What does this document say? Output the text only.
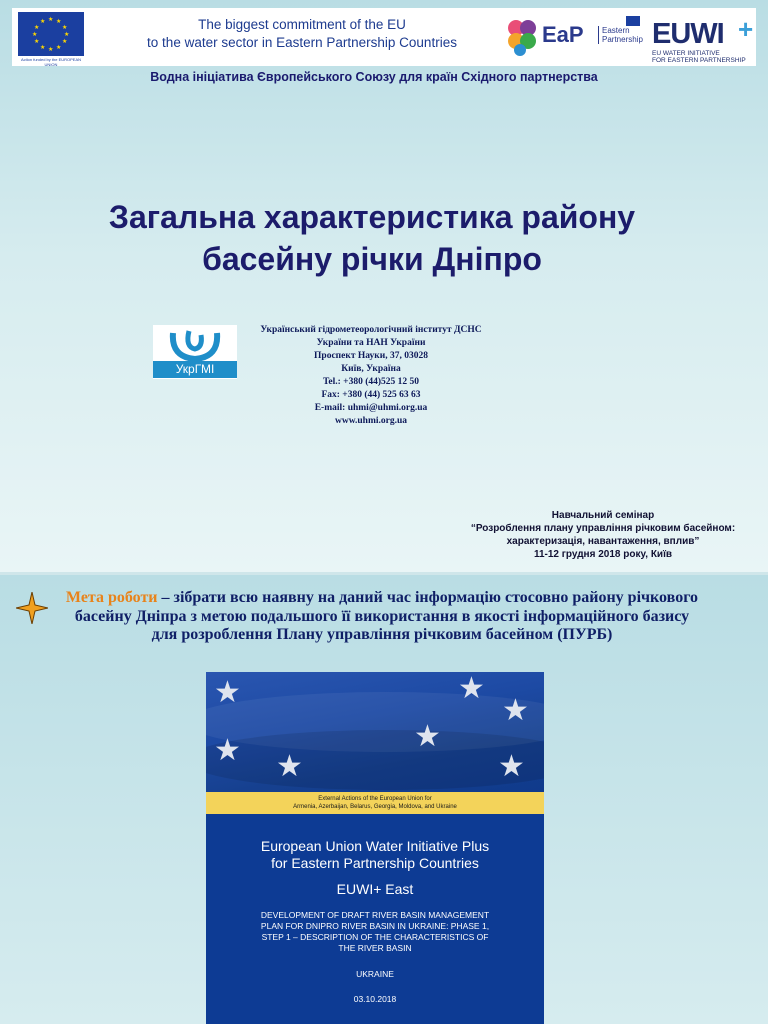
★ ★
★
★
★
★
★
★
★
★
★
★
Action funded by the EUROPEAN UNION
The biggest commitment of the EU
to the water sector in Eastern Partnership Countries	EaP Eastern
Partnership EUWI +
EU WATER INITIATIVE
FOR EASTERN PARTNERSHIP
Водна ініціатива Європейського Союзу для країн Східного партнерства
Загальна характеристика району
басейну річки Дніпро
УкрГМІ
Український гідрометеорологічний інститут ДСНС
України та НАН України
Проспект Науки, 37, 03028
Київ, Україна
Tel.: +380 (44)525 12 50
Fax: +380 (44) 525 63 63
E-mail: uhmi@uhmi.org.ua
www.uhmi.org.ua
Навчальний семінар
“Розроблення плану управління річковим басейном:
характеризація, навантаження, вплив”
11-12 грудня 2018 року, Київ
Мета роботи – зібрати всю наявну на даний час інформацію стосовно району річкового басейну Дніпра з метою подальшого її використання в якості інформаційного базису для розроблення Плану управління річковим басейном (ПУРБ)
★	★
★
★ ★
★
★
External Actions of the European Union for
Armenia, Azerbaijan, Belarus, Georgia, Moldova, and Ukraine
European Union Water Initiative Plus
for Eastern Partnership Countries
EUWI+ East
DEVELOPMENT OF DRAFT RIVER BASIN MANAGEMENT
PLAN FOR DNIPRO RIVER BASIN IN UKRAINE: PHASE 1,
STEP 1 – DESCRIPTION OF THE CHARACTERISTICS OF
THE RIVER BASIN
UKRAINE
03.10.2018
